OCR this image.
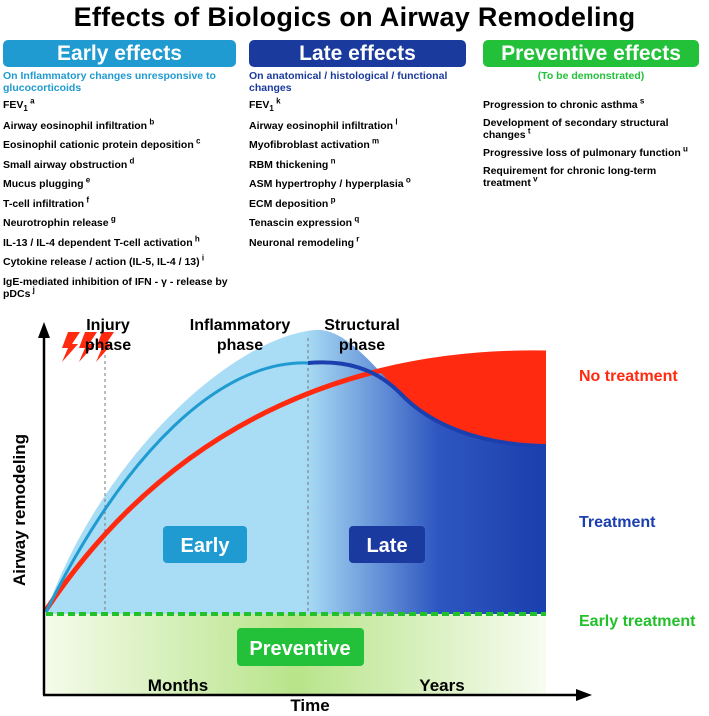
Effects of Biologics on Airway Remodeling
Early effects	Late effects	Preventive effects
On Inflammatory changes unresponsive to glucocorticoids
On anatomical / histological / functional changes
(To be demonstrated)
$FEV_1$ $^a$
Airway eosinophil infiltration $^b$
Eosinophil cationic protein deposition $^c$
Small airway obstruction $^d$
Mucus plugging $^e$
T-cell infiltration $^f$
Neurotrophin release $^g$
IL-13 / IL-4 dependent T-cell activation $^h$
Cytokine release / action (IL-5, IL-4 / 13) $^i$
IgE-mediated inhibition of IFN - γ - release by pDCs $^j$
$FEV_1$ $^k$
Airway eosinophil infiltration $^l$
Myofibroblast activation $^m$
RBM thickening $^n$
ASM hypertrophy / hyperplasia $^o$
ECM deposition $^p$
Tenascin expression $^q$
Neuronal remodeling $^r$
Progression to chronic asthma $^s$
Development of secondary structural changes $^t$
Progressive loss of pulmonary function $^u$
Requirement for chronic long-term treatment $^v$
Early	Late
Preventive
No treatment
Treatment
Early treatment
Airway remodeling
Time
Months	Years
Injury phase
Inflammatory phase
Structural phase
